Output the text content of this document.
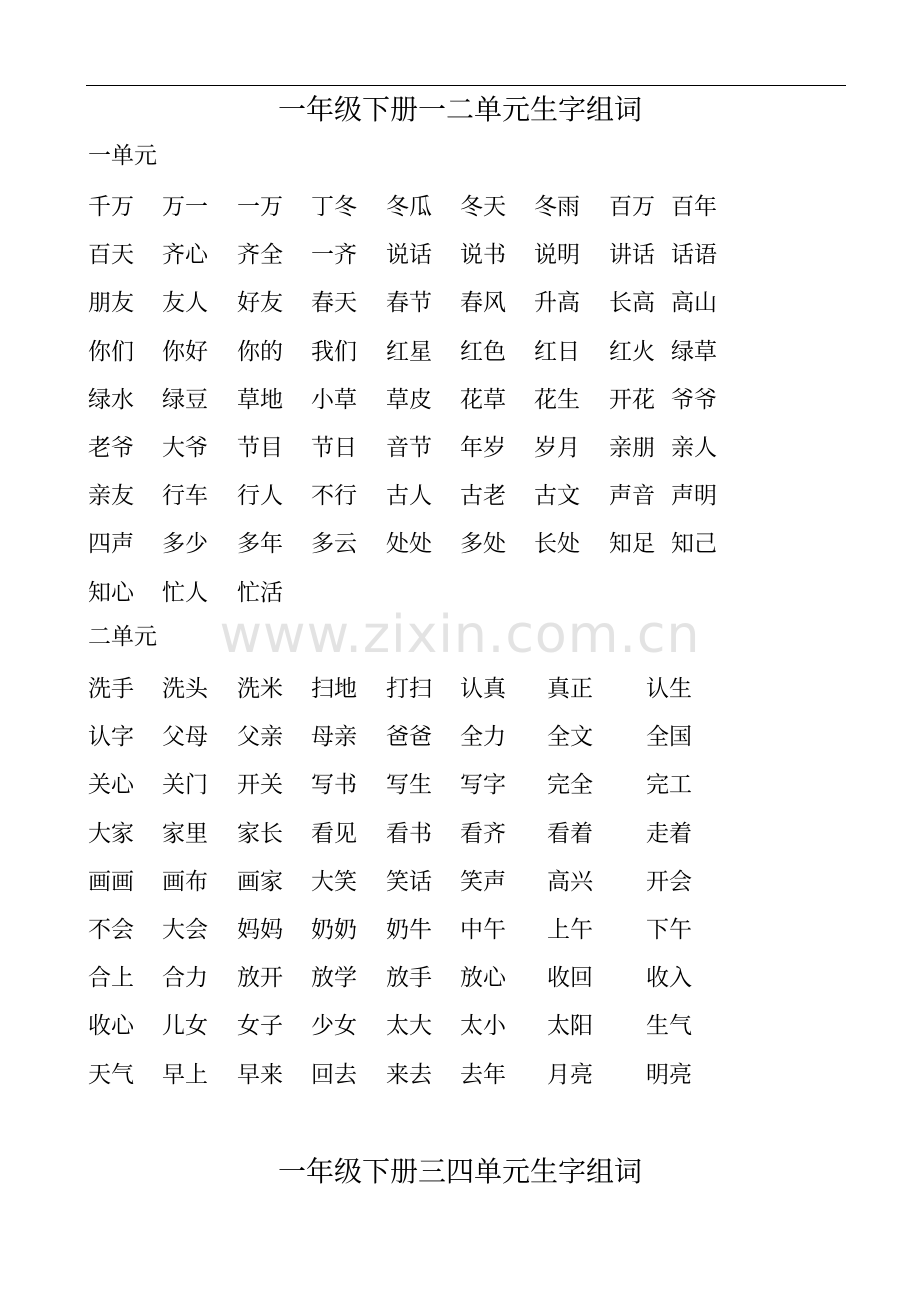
一年级下册一二单元生字组词
一单元
千万 万一 一万 丁冬 冬瓜 冬天 冬雨 百万 百年
百天 齐心 齐全 一齐 说话 说书 说明 讲话 话语
朋友 友人 好友 春天 春节 春风 升高 长高 高山
你们 你好 你的 我们 红星 红色 红日 红火 绿草
绿水 绿豆 草地 小草 草皮 花草 花生 开花 爷爷
老爷 大爷 节目 节日 音节 年岁 岁月 亲朋 亲人
亲友 行车 行人 不行 古人 古老 古文 声音 声明
四声 多少 多年 多云 处处 多处 长处 知足 知己
知心 忙人 忙活
二单元
洗手 洗头 洗米 扫地 打扫 认真 真正 认生
认字 父母 父亲 母亲 爸爸 全力 全文 全国
关心 关门 开关 写书 写生 写字 完全 完工
大家 家里 家长 看见 看书 看齐 看着 走着
画画 画布 画家 大笑 笑话 笑声 高兴 开会
不会 大会 妈妈 奶奶 奶牛 中午 上午 下午
合上 合力 放开 放学 放手 放心 收回 收入
收心 儿女 女子 少女 太大 太小 太阳 生气
天气 早上 早来 回去 来去 去年 月亮 明亮
www.zixin.com.cn
一年级下册三四单元生字组词
